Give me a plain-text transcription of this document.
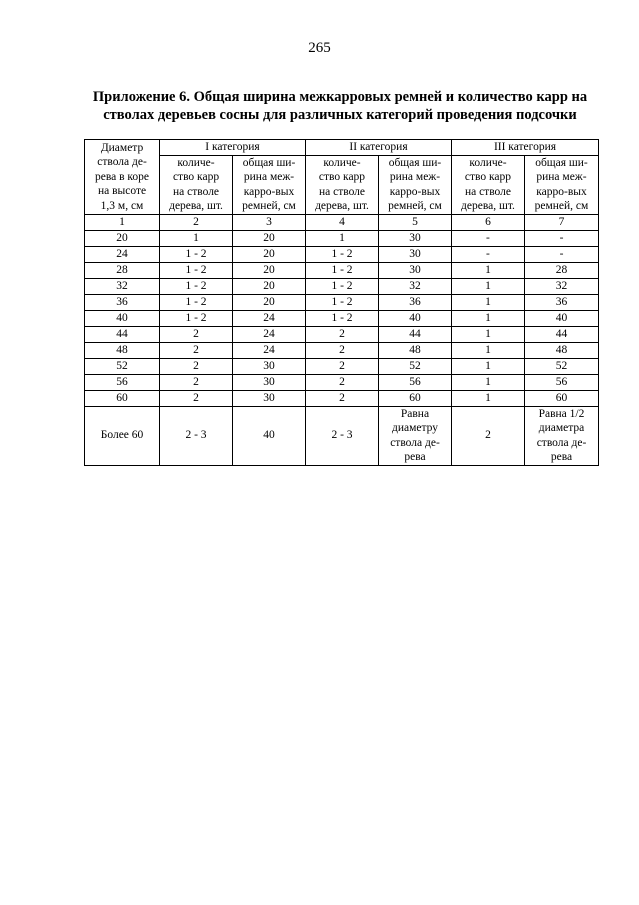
265
Приложение 6. Общая ширина межкарровых ремней и количество карр на
стволах деревьев сосны для различных категорий проведения подсочки
Диаметр
ствола де-
рева в коре
на высоте
1,3 м, см	I категория		II категория		III категория	
	количе-
ство карр
на стволе
дерева, шт.	общая ши-
рина меж-
карро-вых
ремней, см	количе-
ство карр
на стволе
дерева, шт.	общая ши-
рина меж-
карро-вых
ремней, см	количе-
ство карр
на стволе
дерева, шт.	общая ши-
рина меж-
карро-вых
ремней, см
1	2	3	4	5	6	7
20	1	20	1	30	-	-
24	1 - 2	20	1 - 2	30	-	-
28	1 - 2	20	1 - 2	30	1	28
32	1 - 2	20	1 - 2	32	1	32
36	1 - 2	20	1 - 2	36	1	36
40	1 - 2	24	1 - 2	40	1	40
44	2	24	2	44	1	44
48	2	24	2	48	1	48
52	2	30	2	52	1	52
56	2	30	2	56	1	56
60	2	30	2	60	1	60
Более 60	2 - 3	40	2 - 3	Равна
диаметру
ствола де-
рева	2	Равна 1/2
диаметра
ствола де-
рева
